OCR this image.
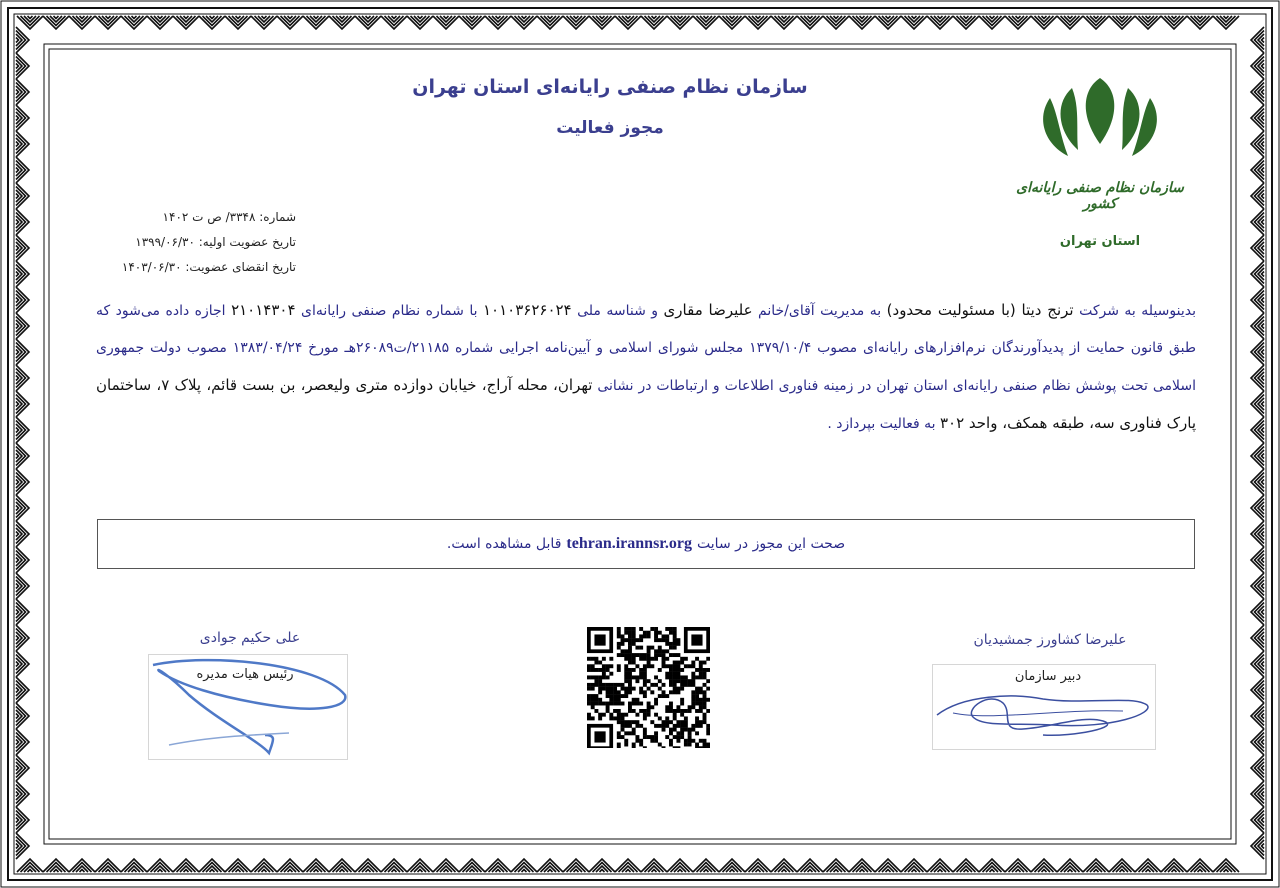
سازمان نظام صنفی رایانه‌ای کشور
استان تهران
سازمان نظام صنفی رایانه‌ای استان تهران
مجوز فعالیت
شماره: ۳۳۴۸/ ص ت ۱۴۰۲
تاریخ عضویت اولیه: ۱۳۹۹/۰۶/۳۰
تاریخ انقضای عضویت: ۱۴۰۳/۰۶/۳۰
بدینوسیله به شرکت ترنج دیتا (با مسئولیت محدود) به مدیریت آقای/خانم علیرضا مقاری و شناسه ملی ۱۰۱۰۳۶۲۶۰۲۴ با شماره نظام صنفی رایانه‌ای ۲۱۰۱۴۳۰۴ اجازه داده می‌شود که طبق قانون حمایت از پدیدآورندگان نرم‌افزارهای رایانه‌ای مصوب ۱۳۷۹/۱۰/۴ مجلس شورای اسلامی و آیین‌نامه اجرایی شماره ۲۱۱۸۵/ت۲۶۰۸۹هـ مورخ ۱۳۸۳/۰۴/۲۴ مصوب دولت جمهوری اسلامی تحت پوشش نظام صنفی رایانه‌ای استان تهران در زمینه فناوری اطلاعات و ارتباطات در نشانی تهران، محله آراج، خیابان دوازده متری ولیعصر، بن بست قائم، پلاک ۷، ساختمان پارک فناوری سه، طبقه همکف، واحد ۳۰۲ به فعالیت بپردازد .
صحت این مجوز در سایت
tehran.irannsr.org
قابل مشاهده است.
علیرضا کشاورز جمشیدیان
دبیر سازمان
علی حکیم جوادی
رئیس هیات مدیره
